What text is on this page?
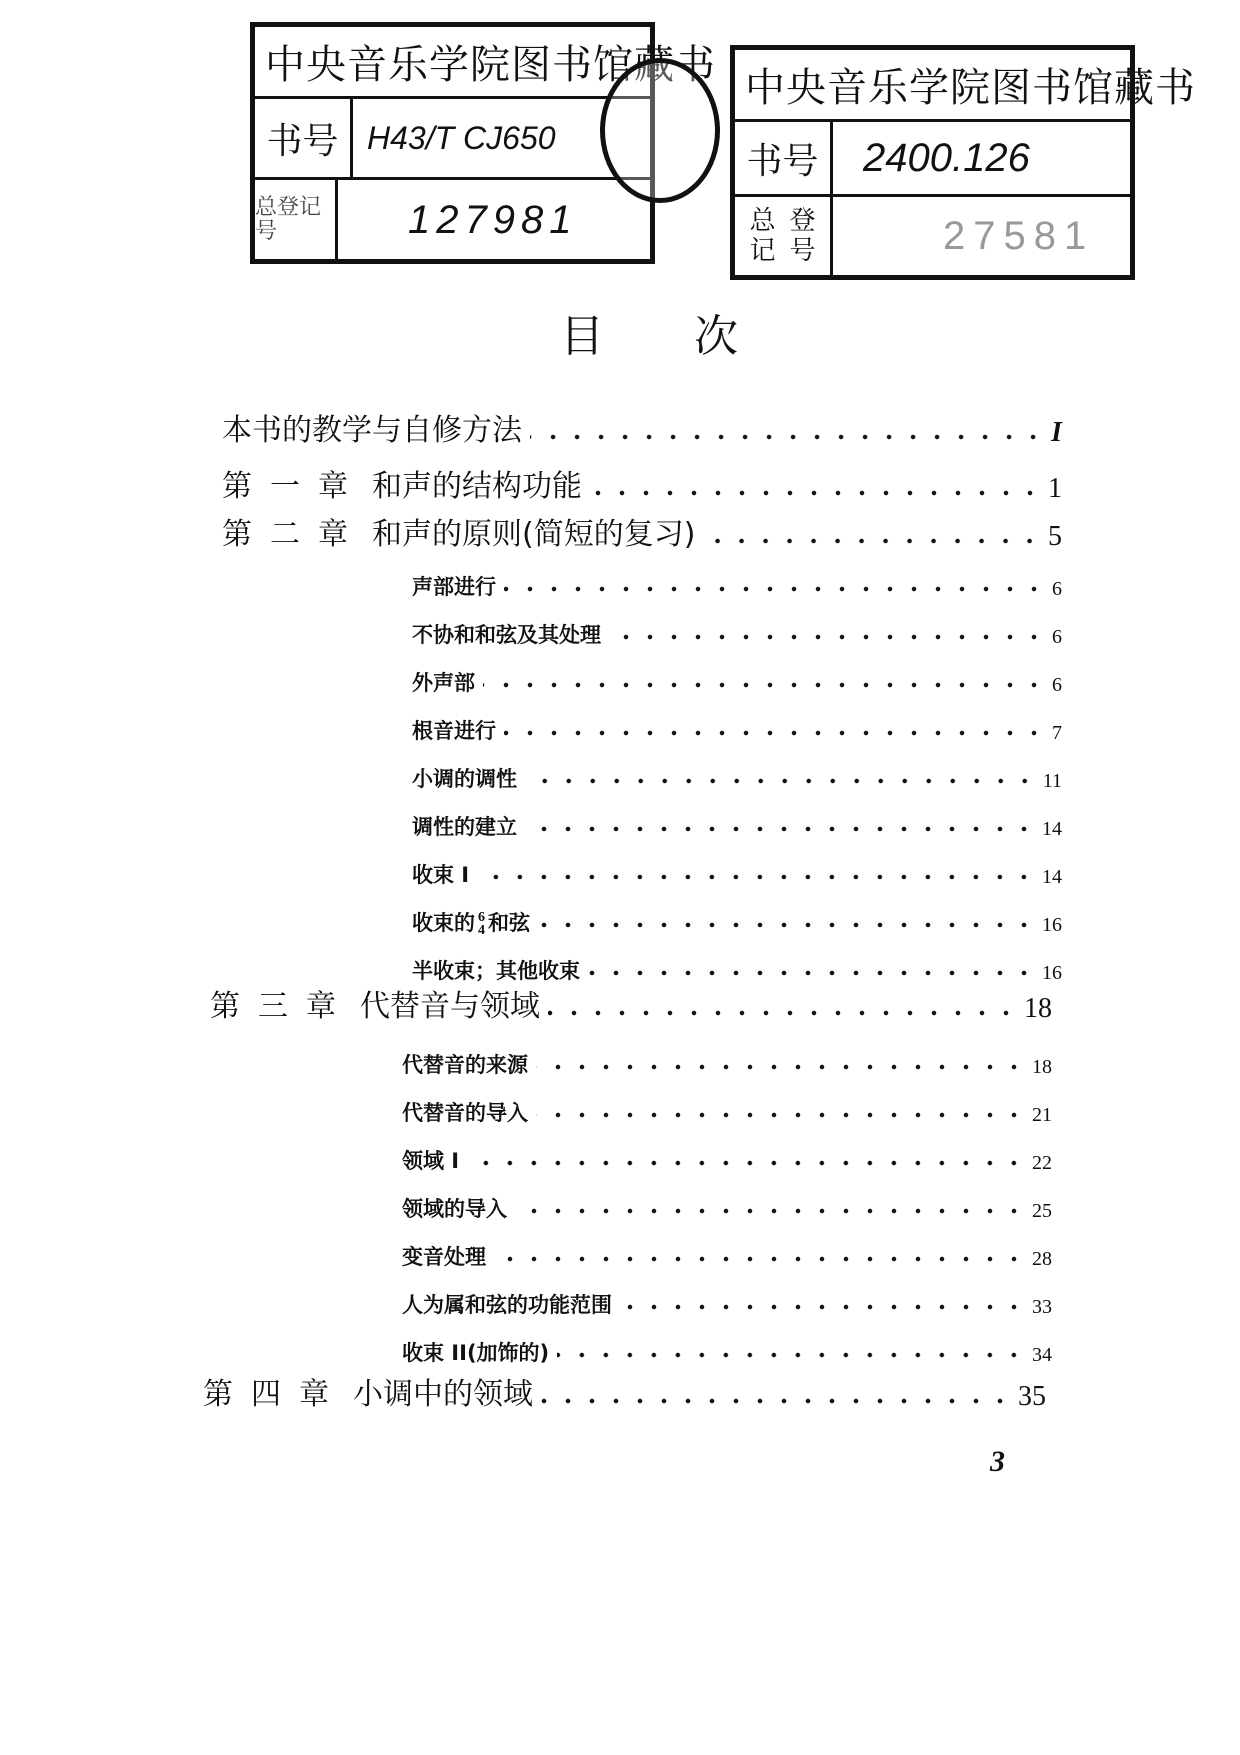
中央音乐学院图书馆藏书
书号 H43/T CJ650
总登记号	127981
中央音乐学院图书馆藏书
书号	2400.126
总
记
登
号	27581
目次
本书的教学与自修方法	I
第一章 和声的结构功能	1
第二章 和声的原则(简短的复习)	5
声部进行	6
不协和和弦及其处理	6
外声部	6
根音进行	7
小调的调性	11
调性的建立	14
收束 I	14
收束的 6
4 和弦	16
半收束；其他收束	16
第三章 代替音与领域	18
代替音的来源	18
代替音的导入	21
领域 I	22
领域的导入	25
变音处理	28
人为属和弦的功能范围	33
收束 II(加饰的)	34
第四章 小调中的领域	35
3
